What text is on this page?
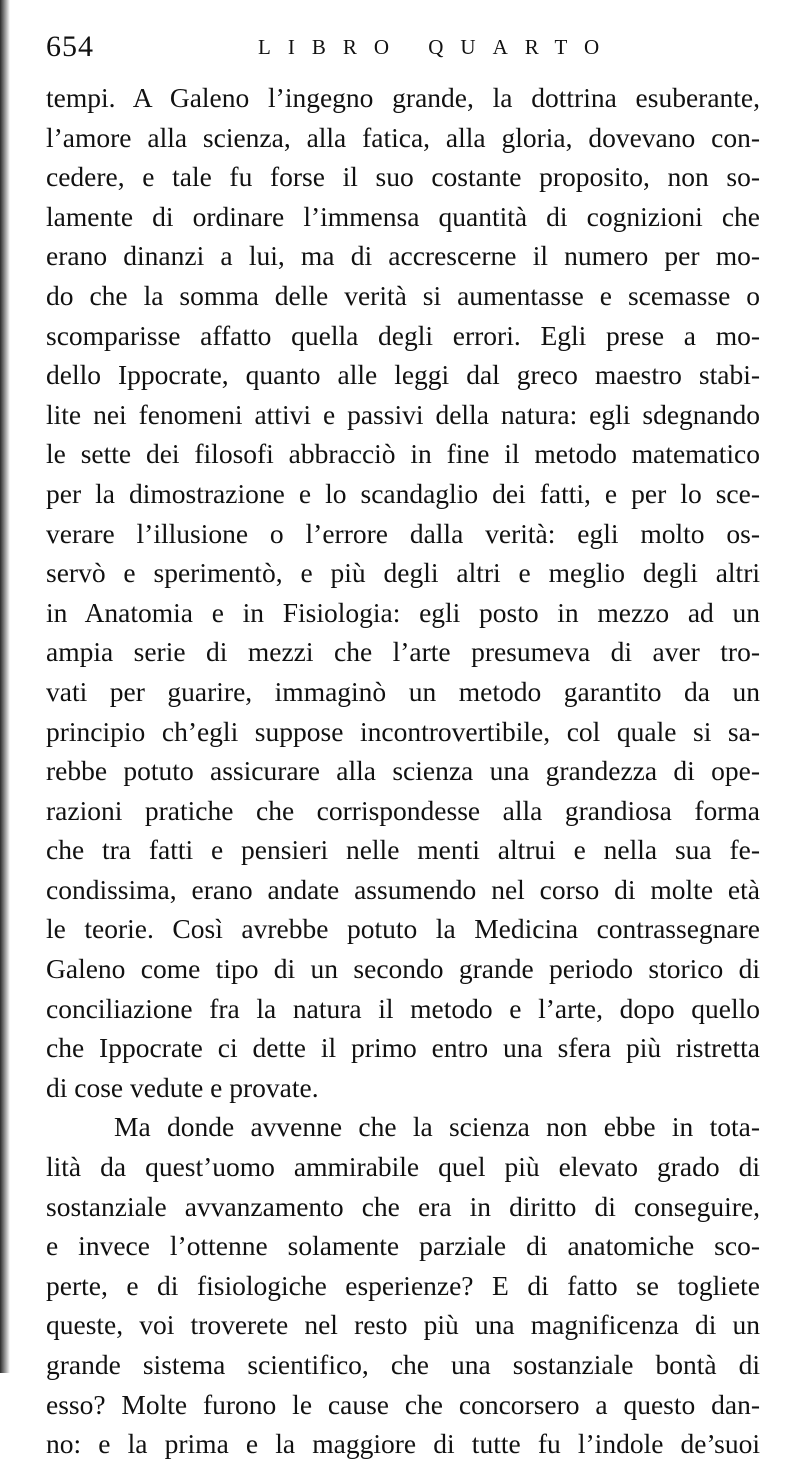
654	LIBRO QUARTO
tempi. A Galeno l’ingegno grande, la dottrina esuberante,
l’amore alla scienza, alla fatica, alla gloria, dovevano con-
cedere, e tale fu forse il suo costante proposito, non so-
lamente di ordinare l’immensa quantità di cognizioni che
erano dinanzi a lui, ma di accrescerne il numero per mo-
do che la somma delle verità si aumentasse e scemasse o
scomparisse affatto quella degli errori. Egli prese a mo-
dello Ippocrate, quanto alle leggi dal greco maestro stabi-
lite nei fenomeni attivi e passivi della natura: egli sdegnando
le sette dei filosofi abbracciò in fine il metodo matematico
per la dimostrazione e lo scandaglio dei fatti, e per lo sce-
verare l’illusione o l’errore dalla verità: egli molto os-
servò e sperimentò, e più degli altri e meglio degli altri
in Anatomia e in Fisiologia: egli posto in mezzo ad un
ampia serie di mezzi che l’arte presumeva di aver tro-
vati per guarire, immaginò un metodo garantito da un
principio ch’egli suppose incontrovertibile, col quale si sa-
rebbe potuto assicurare alla scienza una grandezza di ope-
razioni pratiche che corrispondesse alla grandiosa forma
che tra fatti e pensieri nelle menti altrui e nella sua fe-
condissima, erano andate assumendo nel corso di molte età
le teorie. Così avrebbe potuto la Medicina contrassegnare
Galeno come tipo di un secondo grande periodo storico di
conciliazione fra la natura il metodo e l’arte, dopo quello
che Ippocrate ci dette il primo entro una sfera più ristretta
di cose vedute e provate.
Ma donde avvenne che la scienza non ebbe in tota-
lità da quest’uomo ammirabile quel più elevato grado di
sostanziale avvanzamento che era in diritto di conseguire,
e invece l’ottenne solamente parziale di anatomiche sco-
perte, e di fisiologiche esperienze? E di fatto se togliete
queste, voi troverete nel resto più una magnificenza di un
grande sistema scientifico, che una sostanziale bontà di
esso? Molte furono le cause che concorsero a questo dan-
no: e la prima e la maggiore di tutte fu l’indole de’suoi
